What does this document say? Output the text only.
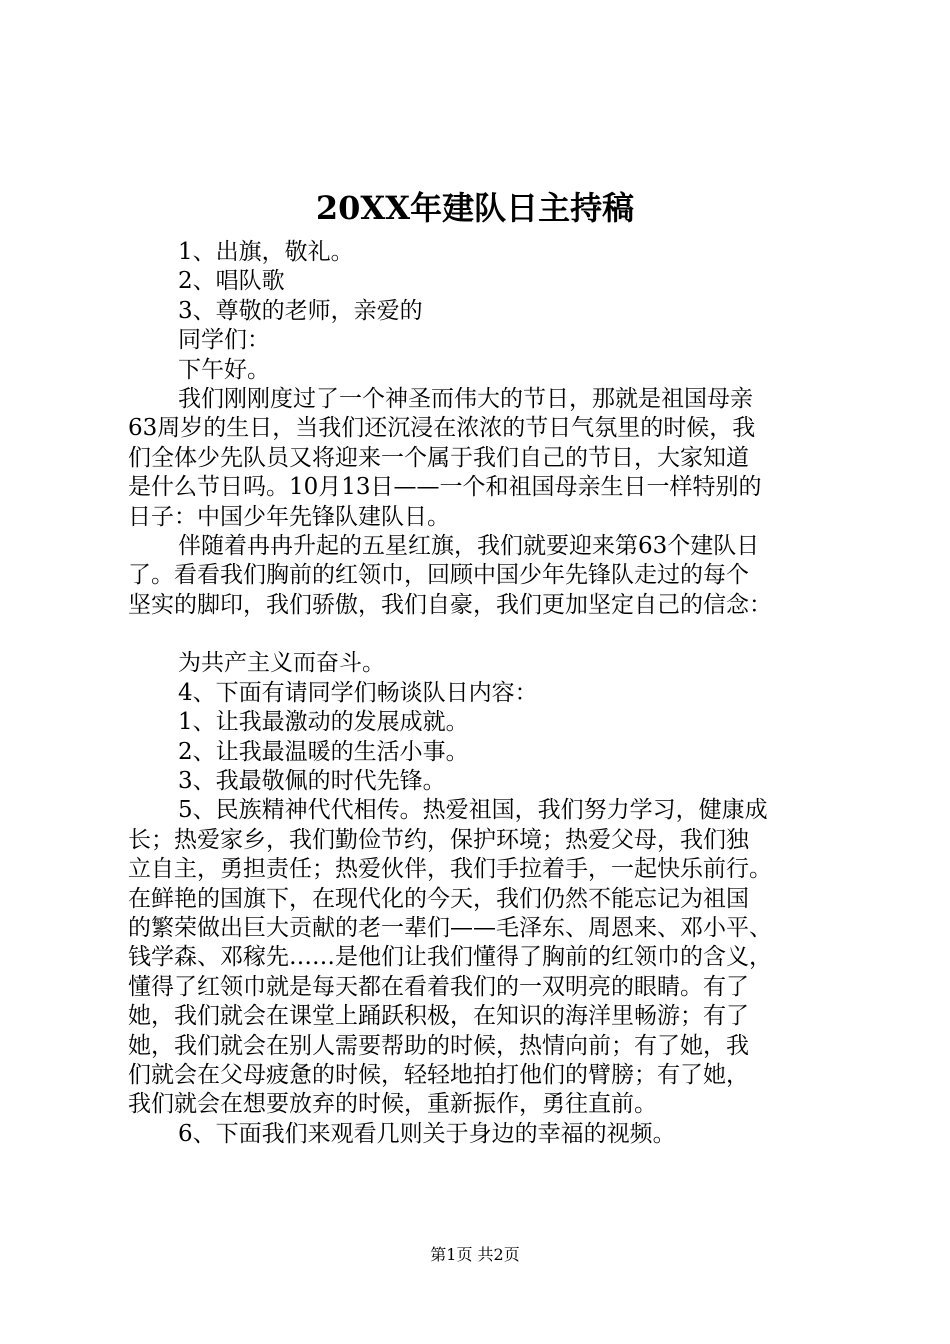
20XX年建队日主持稿
1、出旗，敬礼。
2、唱队歌
3、尊敬的老师，亲爱的
同学们：
下午好。
我们刚刚度过了一个神圣而伟大的节日，那就是祖国母亲
63周岁的生日，当我们还沉浸在浓浓的节日气氛里的时候，我
们全体少先队员又将迎来一个属于我们自己的节日，大家知道
是什么节日吗。10月13日——一个和祖国母亲生日一样特别的
日子：中国少年先锋队建队日。
伴随着冉冉升起的五星红旗，我们就要迎来第63个建队日
了。看看我们胸前的红领巾，回顾中国少年先锋队走过的每个
坚实的脚印，我们骄傲，我们自豪，我们更加坚定自己的信念：
为共产主义而奋斗。
4、下面有请同学们畅谈队日内容：
1、让我最激动的发展成就。
2、让我最温暖的生活小事。
3、我最敬佩的时代先锋。
5、民族精神代代相传。热爱祖国，我们努力学习，健康成
长；热爱家乡，我们勤俭节约，保护环境；热爱父母，我们独
立自主，勇担责任；热爱伙伴，我们手拉着手，一起快乐前行。
在鲜艳的国旗下，在现代化的今天，我们仍然不能忘记为祖国
的繁荣做出巨大贡献的老一辈们——毛泽东、周恩来、邓小平、
钱学森、邓稼先……是他们让我们懂得了胸前的红领巾的含义，
懂得了红领巾就是每天都在看着我们的一双明亮的眼睛。有了
她，我们就会在课堂上踊跃积极，在知识的海洋里畅游；有了
她，我们就会在别人需要帮助的时候，热情向前；有了她，我
们就会在父母疲惫的时候，轻轻地拍打他们的臂膀；有了她，
我们就会在想要放弃的时候，重新振作，勇往直前。
6、下面我们来观看几则关于身边的幸福的视频。
第1页 共2页
